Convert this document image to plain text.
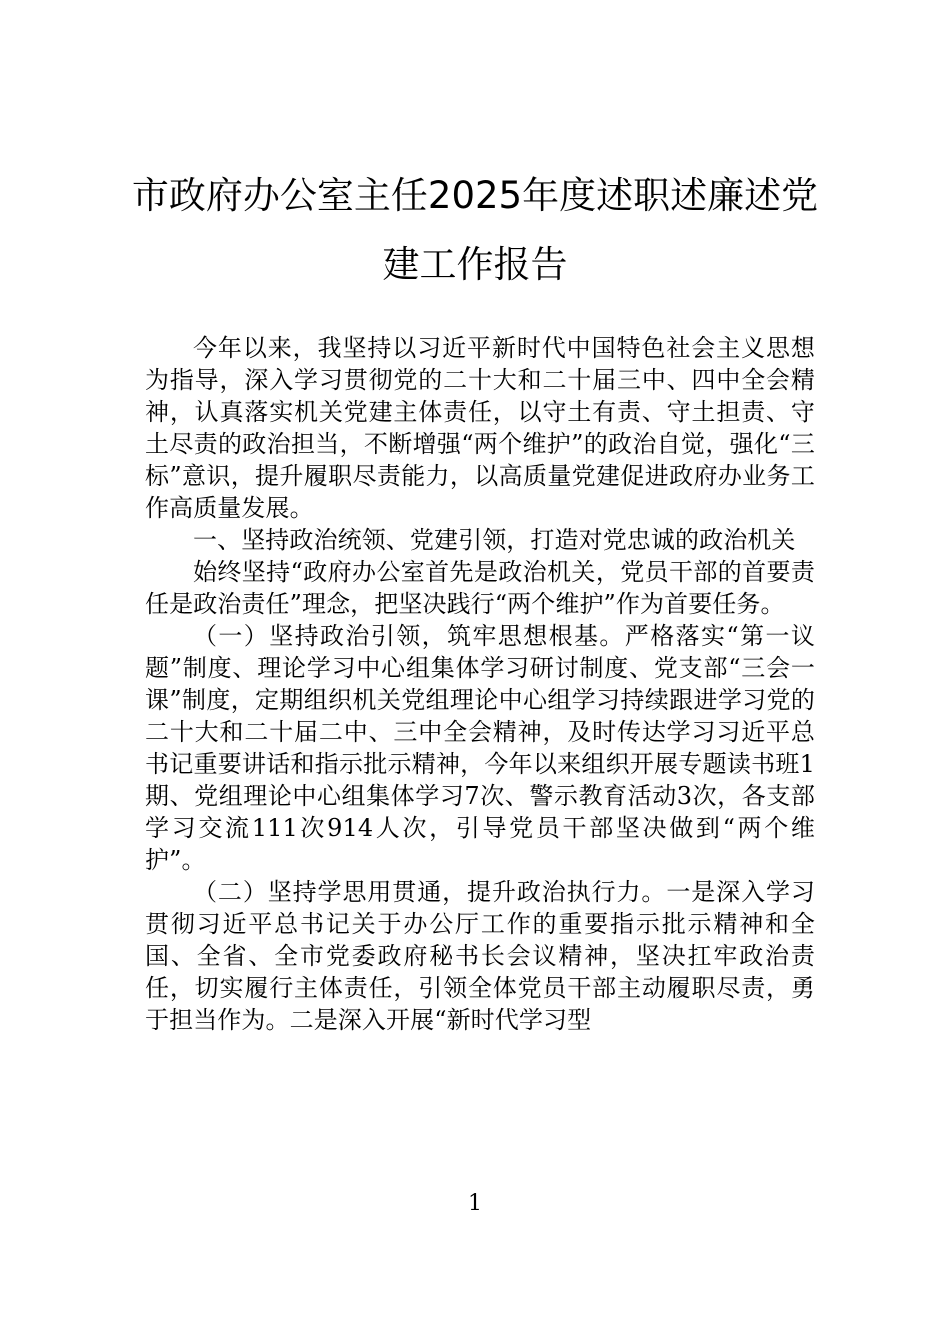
市政府办公室主任2025年度述职述廉述党
建工作报告

今年以来，我坚持以习近平新时代中国特色社会主义思想为指导，深入学习贯彻党的二十大和二十届三中、四中全会精神，认真落实机关党建主体责任，以守土有责、守土担责、守土尽责的政治担当，不断增强“两个维护”的政治自觉，强化“三标”意识，提升履职尽责能力，以高质量党建促进政府办业务工作高质量发展。

一、坚持政治统领、党建引领，打造对党忠诚的政治机关

始终坚持“政府办公室首先是政治机关，党员干部的首要责任是政治责任”理念，把坚决践行“两个维护”作为首要任务。

（一）坚持政治引领，筑牢思想根基。严格落实“第一议题”制度、理论学习中心组集体学习研讨制度、党支部“三会一课”制度，定期组织机关党组理论中心组学习持续跟进学习党的二十大和二十届二中、三中全会精神，及时传达学习习近平总书记重要讲话和指示批示精神，今年以来组织开展专题读书班1期、党组理论中心组集体学习7次、警示教育活动3次，各支部学习交流111次914人次，引导党员干部坚决做到“两个维护”。

（二）坚持学思用贯通，提升政治执行力。一是深入学习贯彻习近平总书记关于办公厅工作的重要指示批示精神和全国、全省、全市党委政府秘书长会议精神，坚决扛牢政治责任，切实履行主体责任，引领全体党员干部主动履职尽责，勇于担当作为。二是深入开展“新时代学习型

1
